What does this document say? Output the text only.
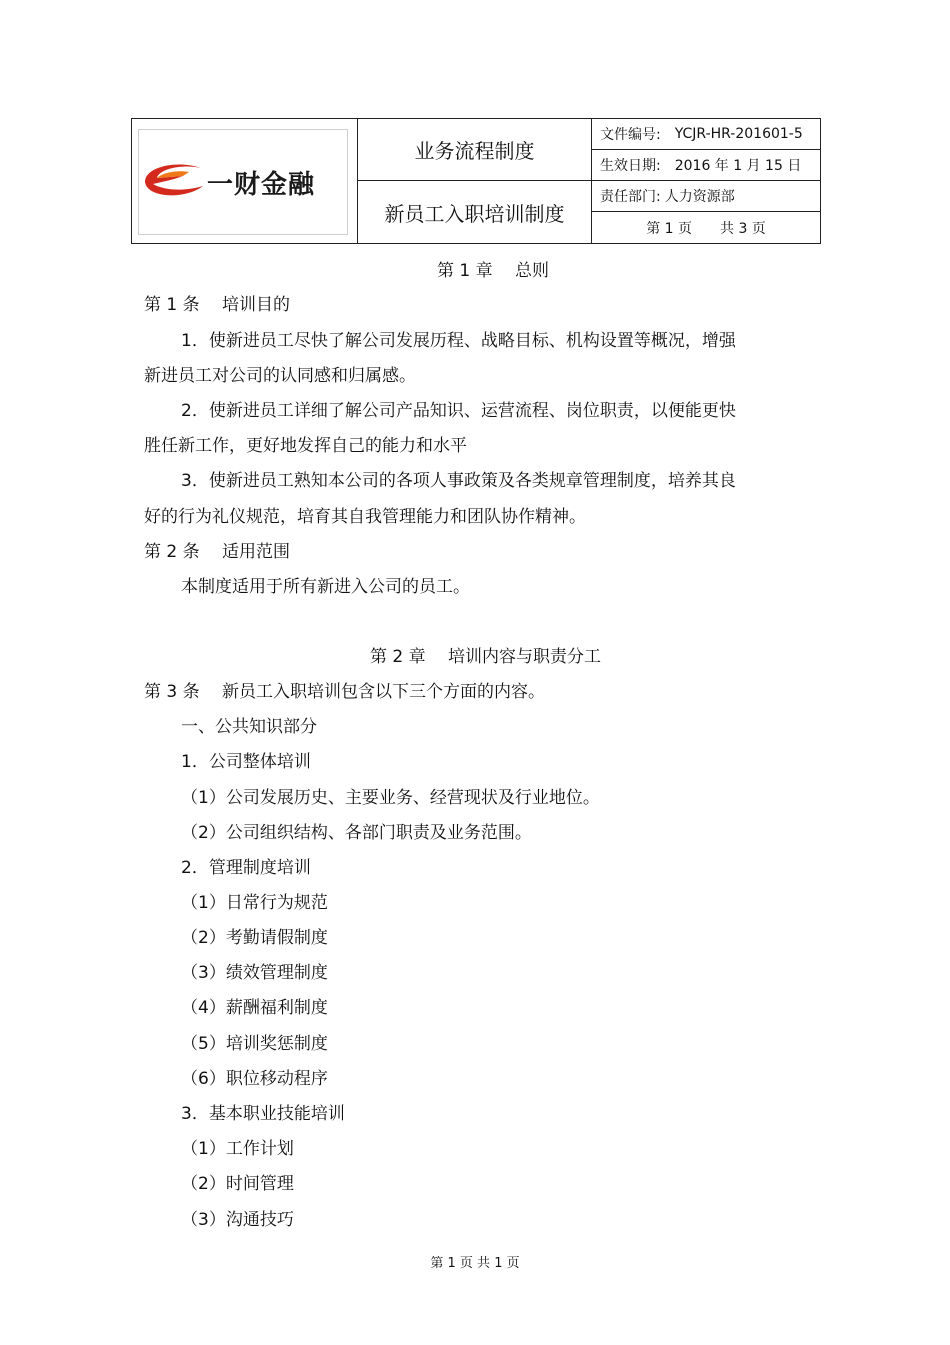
一财金融
业务流程制度
新员工入职培训制度
文件编号: YCJR-HR-201601-5
生效日期: 2016 年 1 月 15 日
责任部门: 人力资源部
第 1 页　　共 3 页
第 1 章　 总则
第 1 条　 培训目的
1．使新进员工尽快了解公司发展历程、战略目标、机构设置等概况，增强
新进员工对公司的认同感和归属感。
2．使新进员工详细了解公司产品知识、运营流程、岗位职责，以便能更快
胜任新工作，更好地发挥自己的能力和水平
3．使新进员工熟知本公司的各项人事政策及各类规章管理制度，培养其良
好的行为礼仪规范，培育其自我管理能力和团队协作精神。
第 2 条　 适用范围
本制度适用于所有新进入公司的员工。
第 2 章　 培训内容与职责分工
第 3 条　 新员工入职培训包含以下三个方面的内容。
一、公共知识部分
1．公司整体培训
（1）公司发展历史、主要业务、经营现状及行业地位。
（2）公司组织结构、各部门职责及业务范围。
2．管理制度培训
（1）日常行为规范
（2）考勤请假制度
（3）绩效管理制度
（4）薪酬福利制度
（5）培训奖惩制度
（6）职位移动程序
3．基本职业技能培训
（1）工作计划
（2）时间管理
（3）沟通技巧
第 1 页 共 1 页
